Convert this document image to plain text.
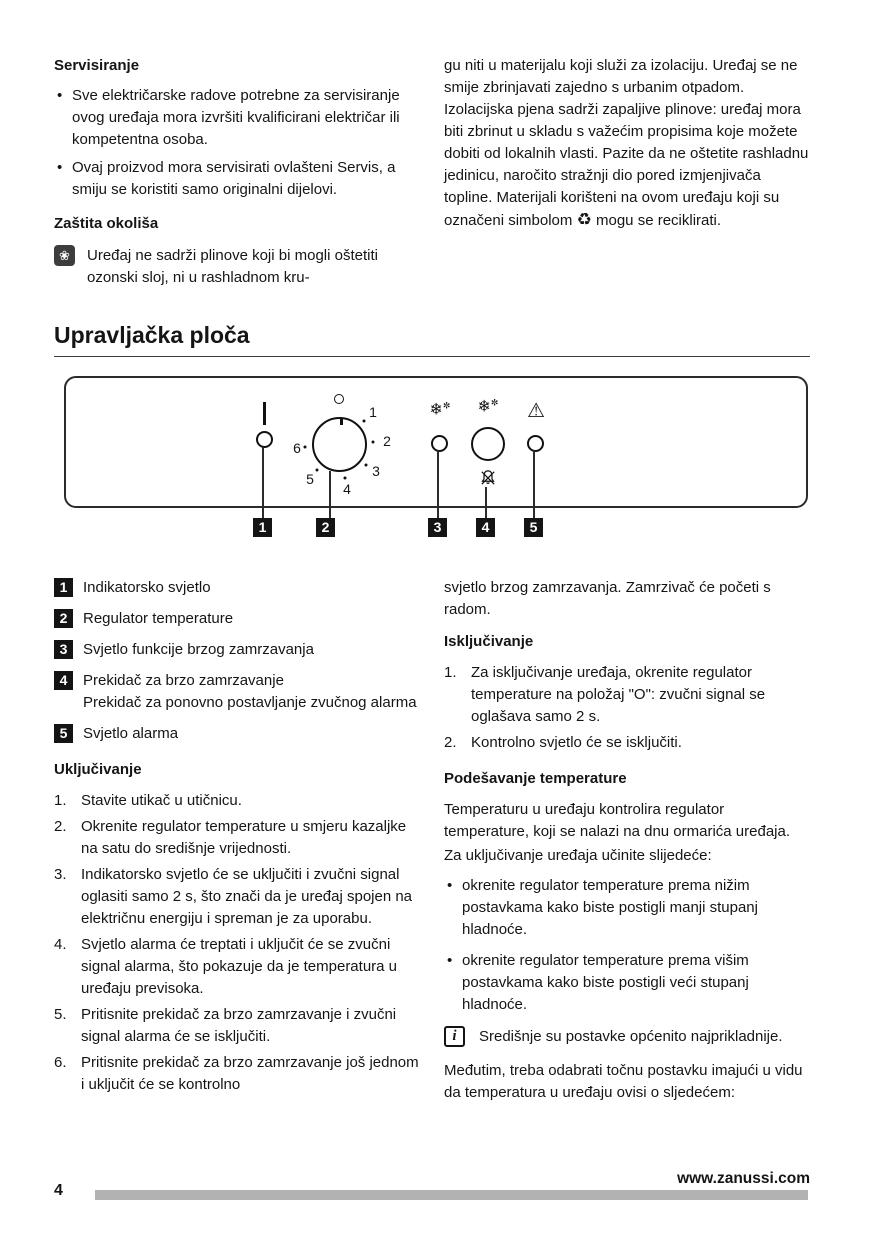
Servisiranje
• Sve električarske radove potrebne za servisiranje ovog uređaja mora izvršiti kvalificirani električar ili kompetentna osoba.
• Ovaj proizvod mora servisirati ovlašteni Servis, a smiju se koristiti samo originalni dijelovi.
Zaštita okoliša
❀	Uređaj ne sadrži plinove koji bi mogli oštetiti ozonski sloj, ni u rashladnom kru-

gu niti u materijalu koji služi za izolaciju. Uređaj se ne smije zbrinjavati zajedno s urbanim otpadom. Izolacijska pjena sadrži zapaljive plinove: uređaj mora biti zbrinut u skladu s važećim propisima koje možete dobiti od lokalnih vlasti. Pazite da ne oštetite rashladnu jedinicu, naročito stražnji dio pored izmjenjivača topline. Materijali korišteni na ovom uređaju koji su označeni simbolom ♻ mogu se reciklirati.

Upravljačka ploča
1
2
3
4
5
6
❄✼ ❄✼ ⚠
1	2	3	4	5
1	Indikatorsko svjetlo
2	Regulator temperature
3	Svjetlo funkcije brzog zamrzavanja
4	Prekidač za brzo zamrzavanje
Prekidač za ponovno postavljanje zvučnog alarma
5	Svjetlo alarma
Uključivanje
1. Stavite utikač u utičnicu.
2. Okrenite regulator temperature u smjeru kazaljke na satu do središnje vrijednosti.
3. Indikatorsko svjetlo će se uključiti i zvučni signal oglasiti samo 2 s, što znači da je uređaj spojen na električnu energiju i spreman je za uporabu.
4. Svjetlo alarma će treptati i uključit će se zvučni signal alarma, što pokazuje da je temperatura u uređaju previsoka.
5. Pritisnite prekidač za brzo zamrzavanje i zvučni signal alarma će se isključiti.
6. Pritisnite prekidač za brzo zamrzavanje još jednom i uključit će se kontrolno
svjetlo brzog zamrzavanja. Zamrzivač će početi s radom.
Isključivanje
1. Za isključivanje uređaja, okrenite regulator temperature na položaj "O": zvučni signal se oglašava samo 2 s.
2. Kontrolno svjetlo će se isključiti.
Podešavanje temperature
Temperaturu u uređaju kontrolira regulator temperature, koji se nalazi na dnu ormarića uređaja.
Za uključivanje uređaja učinite slijedeće:
• okrenite regulator temperature prema nižim postavkama kako biste postigli manji stupanj hladnoće.
• okrenite regulator temperature prema višim postavkama kako biste postigli veći stupanj hladnoće.
i	Središnje su postavke općenito najprikladnije.
Međutim, treba odabrati točnu postavku imajući u vidu da temperatura u uređaju ovisi o sljedećem:
4
www.zanussi.com
